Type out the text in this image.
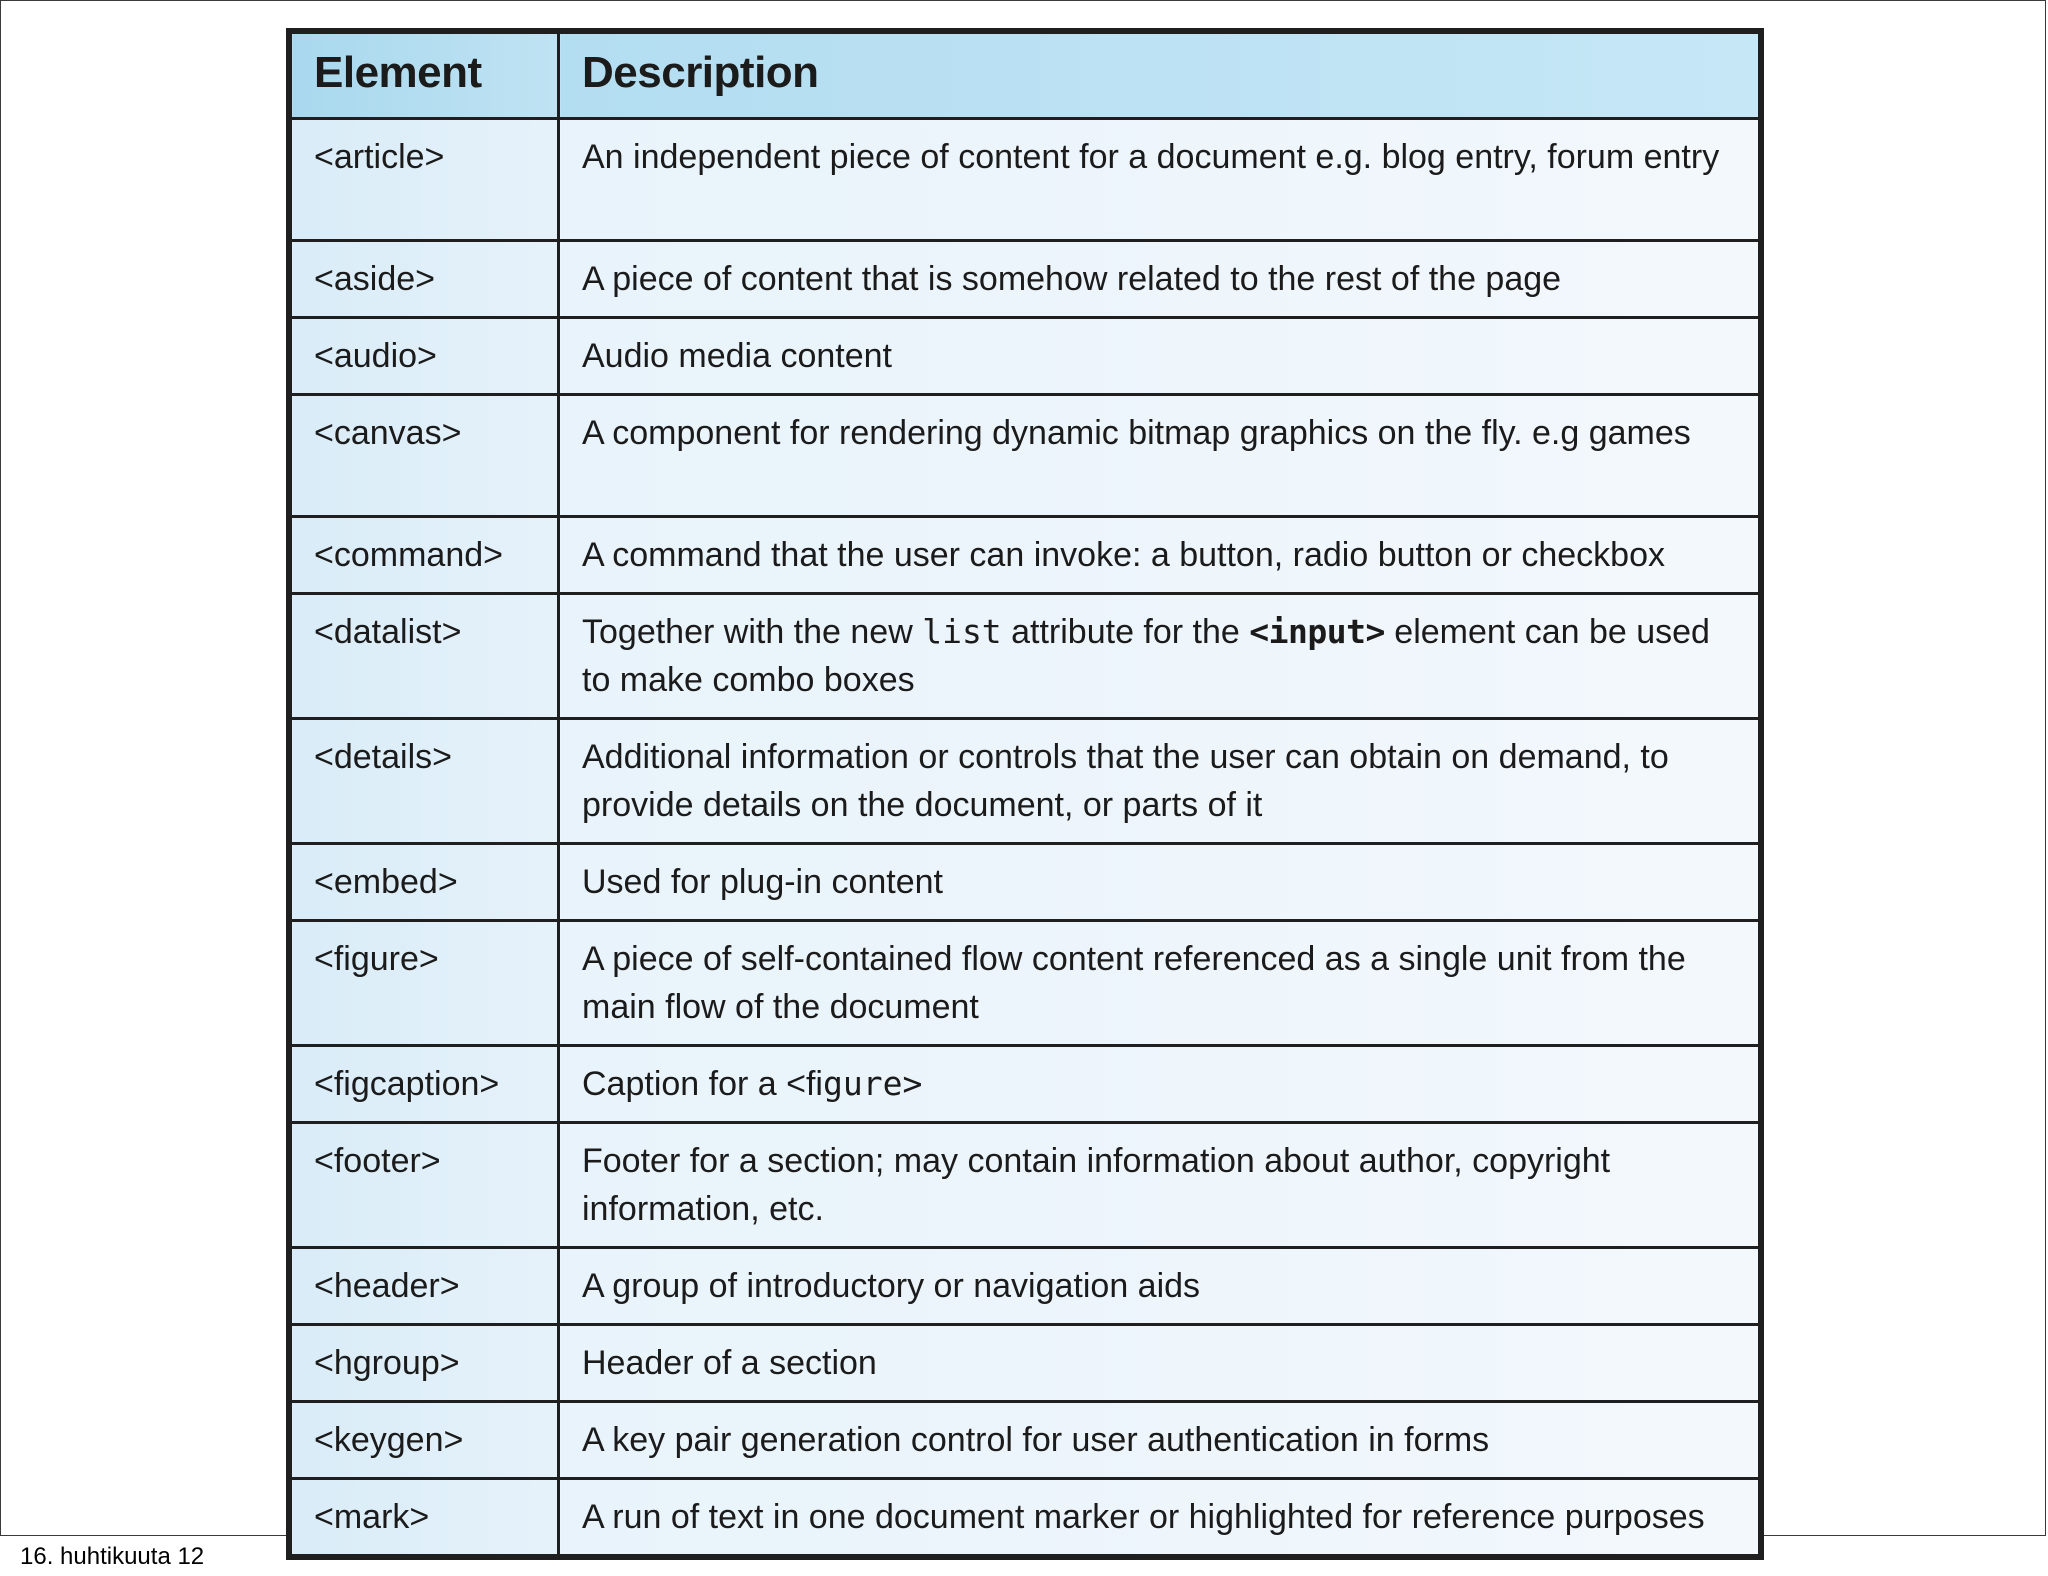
Element	Description
<article>	An independent piece of content for a document e.g. blog entry, forum entry
<aside>	A piece of content that is somehow related to the rest of the page
<audio>	Audio media content
<canvas>	A component for rendering dynamic bitmap graphics on the fly. e.g games
<command>	A command that the user can invoke: a button, radio button or checkbox
<datalist>	Together with the new list attribute for the <input> element can be used to make combo boxes
<details>	Additional information or controls that the user can obtain on demand, to provide details on the document, or parts of it
<embed>	Used for plug-in content
<figure>	A piece of self-contained flow content referenced as a single unit from the main flow of the document
<figcaption>	Caption for a <figure>
<footer>	Footer for a section; may contain information about author, copyright information, etc.
<header>	A group of introductory or navigation aids
<hgroup>	Header of a section
<keygen>	A key pair generation control for user authentication in forms
<mark>	A run of text in one document marker or highlighted for reference purposes
16. huhtikuuta 12
